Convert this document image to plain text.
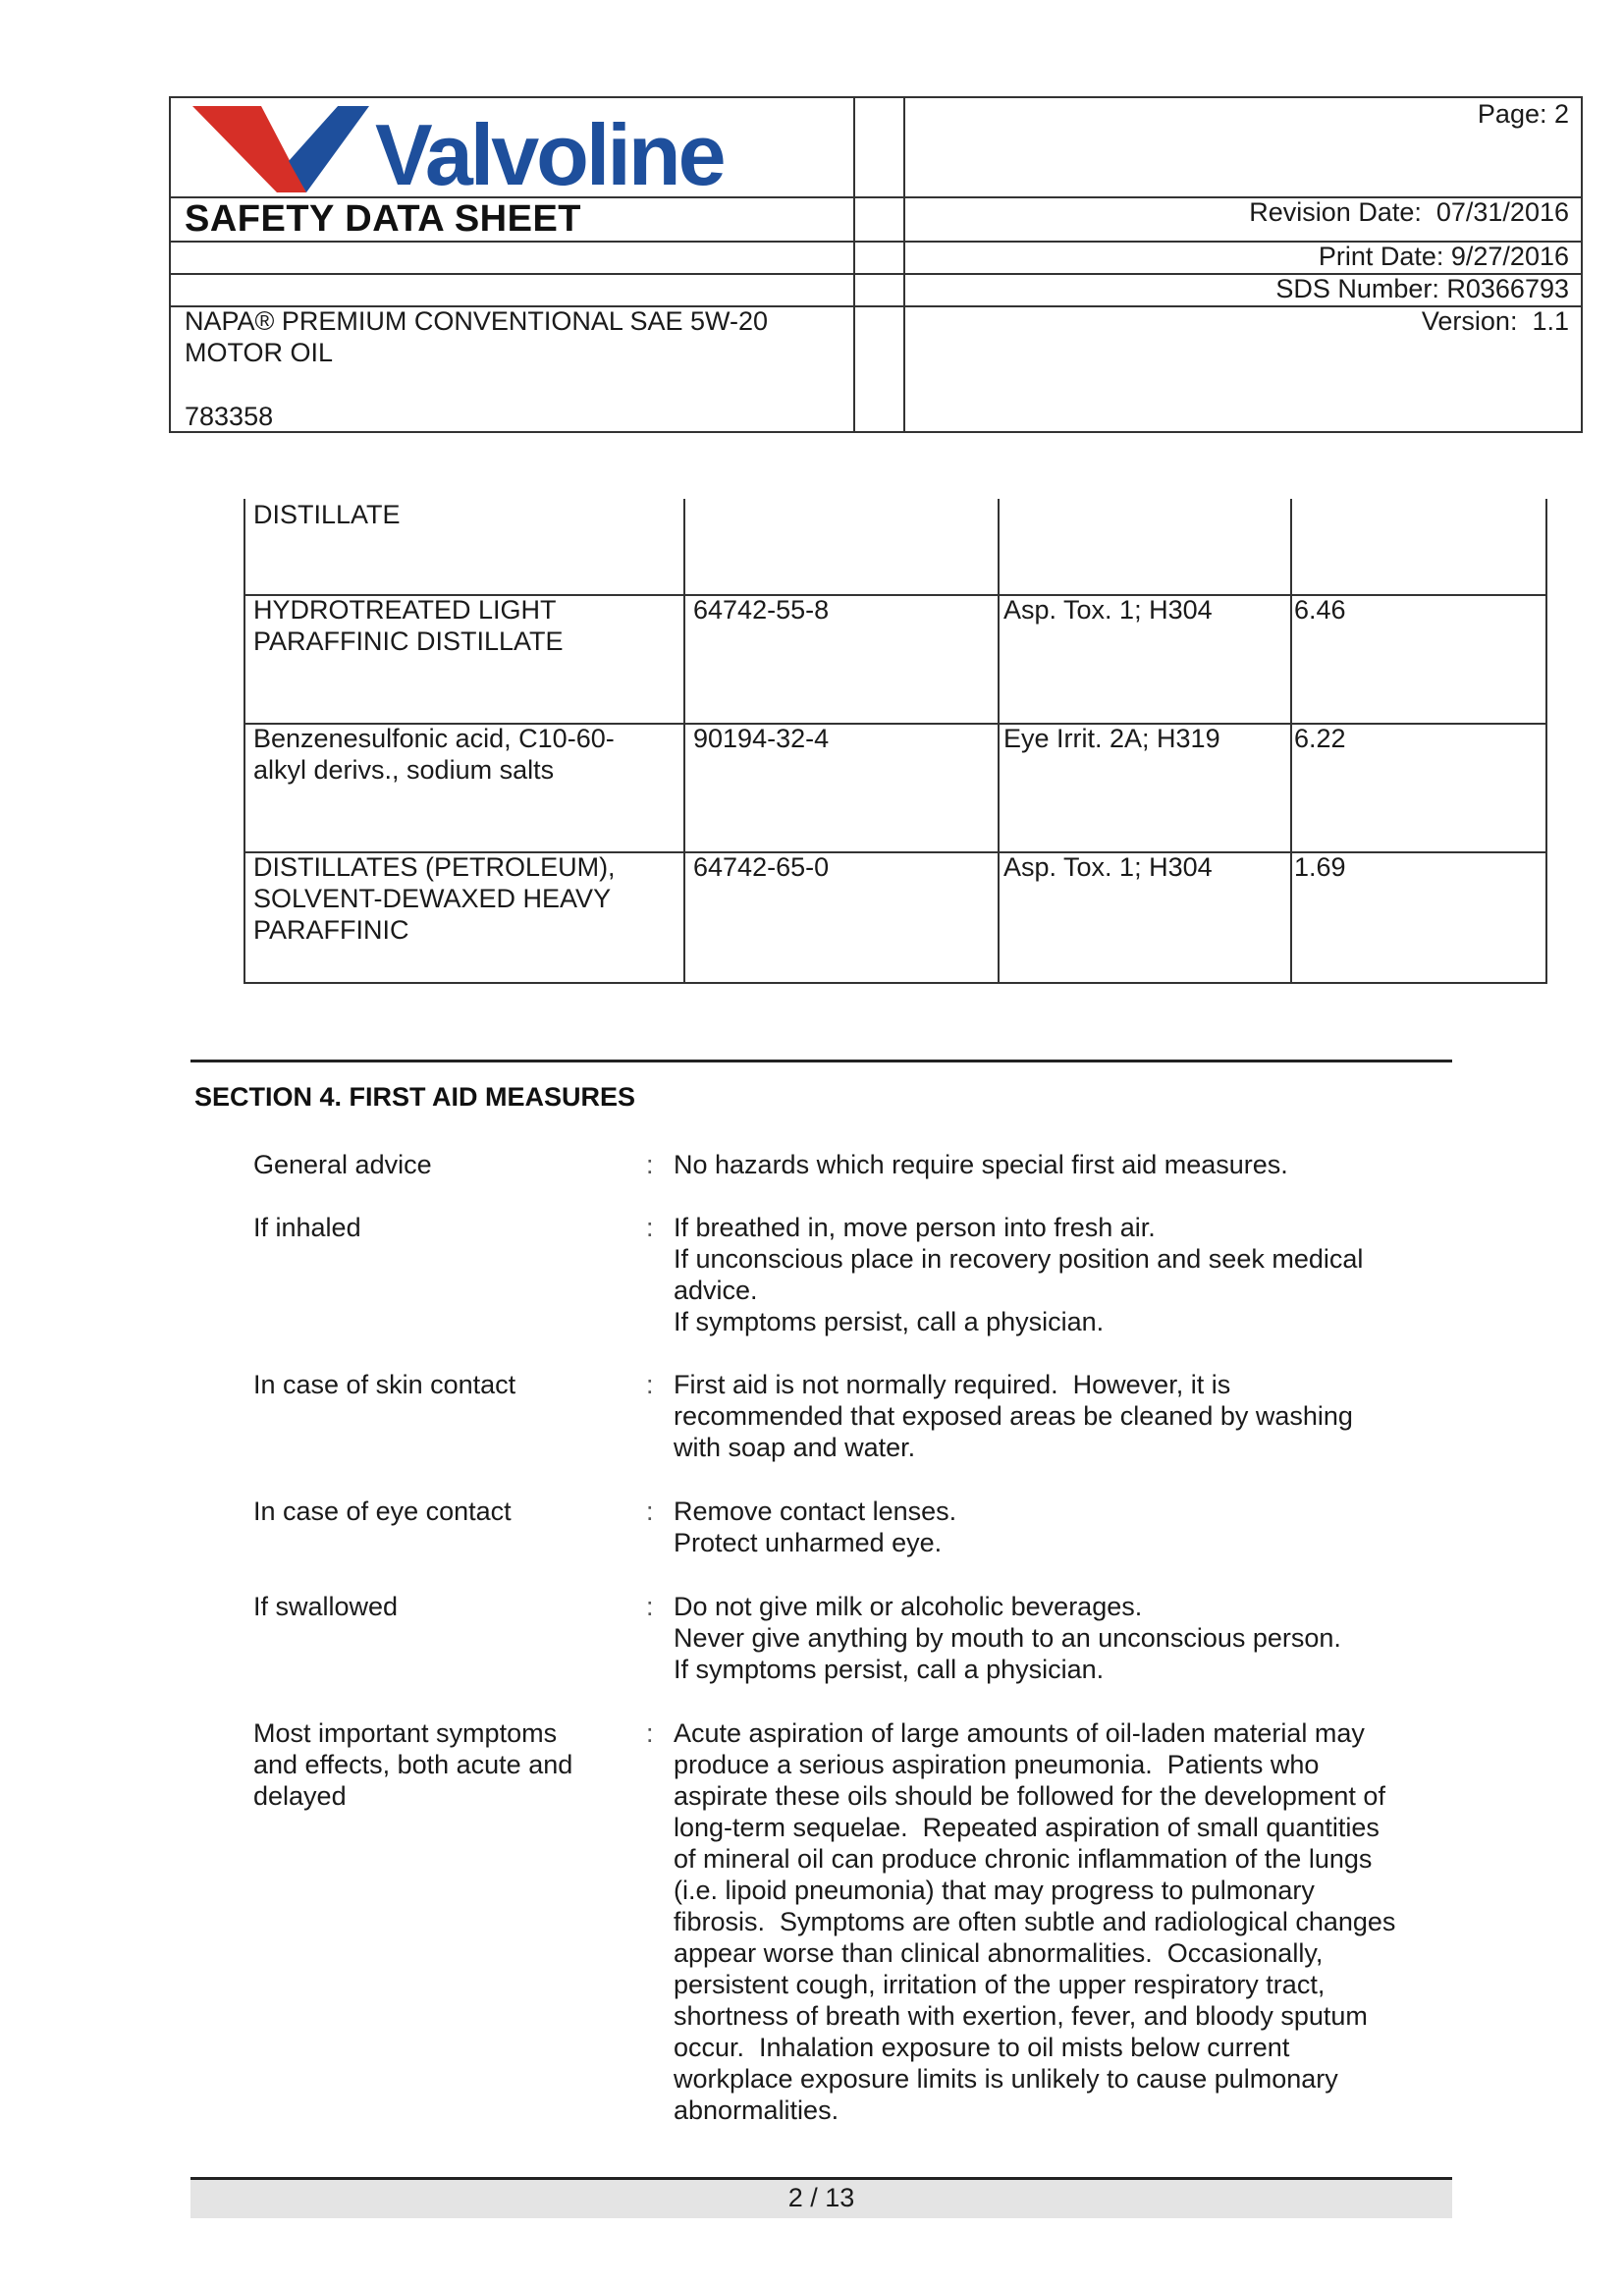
Valvoline
SAFETY DATA SHEET
Page: 2
Revision Date:  07/31/2016
Print Date: 9/27/2016
SDS Number: R0366793
Version:  1.1
NAPA® PREMIUM CONVENTIONAL SAE 5W-20
MOTOR OIL
783358
DISTILLATE
HYDROTREATED LIGHT
PARAFFINIC DISTILLATE
64742-55-8	Asp. Tox. 1; H304	6.46
Benzenesulfonic acid, C10-60-
alkyl derivs., sodium salts
90194-32-4	Eye Irrit. 2A; H319	6.22
DISTILLATES (PETROLEUM),
SOLVENT-DEWAXED HEAVY
PARAFFINIC
64742-65-0	Asp. Tox. 1; H304	1.69
SECTION 4. FIRST AID MEASURES
General advice	: No hazards which require special first aid measures.
If inhaled	: If breathed in, move person into fresh air.
If unconscious place in recovery position and seek medical
advice.
If symptoms persist, call a physician.
In case of skin contact	: First aid is not normally required.  However, it is
recommended that exposed areas be cleaned by washing
with soap and water.
In case of eye contact	: Remove contact lenses.
Protect unharmed eye.
If swallowed	: Do not give milk or alcoholic beverages.
Never give anything by mouth to an unconscious person.
If symptoms persist, call a physician.
Most important symptoms
and effects, both acute and
delayed
: Acute aspiration of large amounts of oil-laden material may
produce a serious aspiration pneumonia.  Patients who
aspirate these oils should be followed for the development of
long-term sequelae.  Repeated aspiration of small quantities
of mineral oil can produce chronic inflammation of the lungs
(i.e. lipoid pneumonia) that may progress to pulmonary
fibrosis.  Symptoms are often subtle and radiological changes
appear worse than clinical abnormalities.  Occasionally,
persistent cough, irritation of the upper respiratory tract,
shortness of breath with exertion, fever, and bloody sputum
occur.  Inhalation exposure to oil mists below current
workplace exposure limits is unlikely to cause pulmonary
abnormalities.
2 / 13
